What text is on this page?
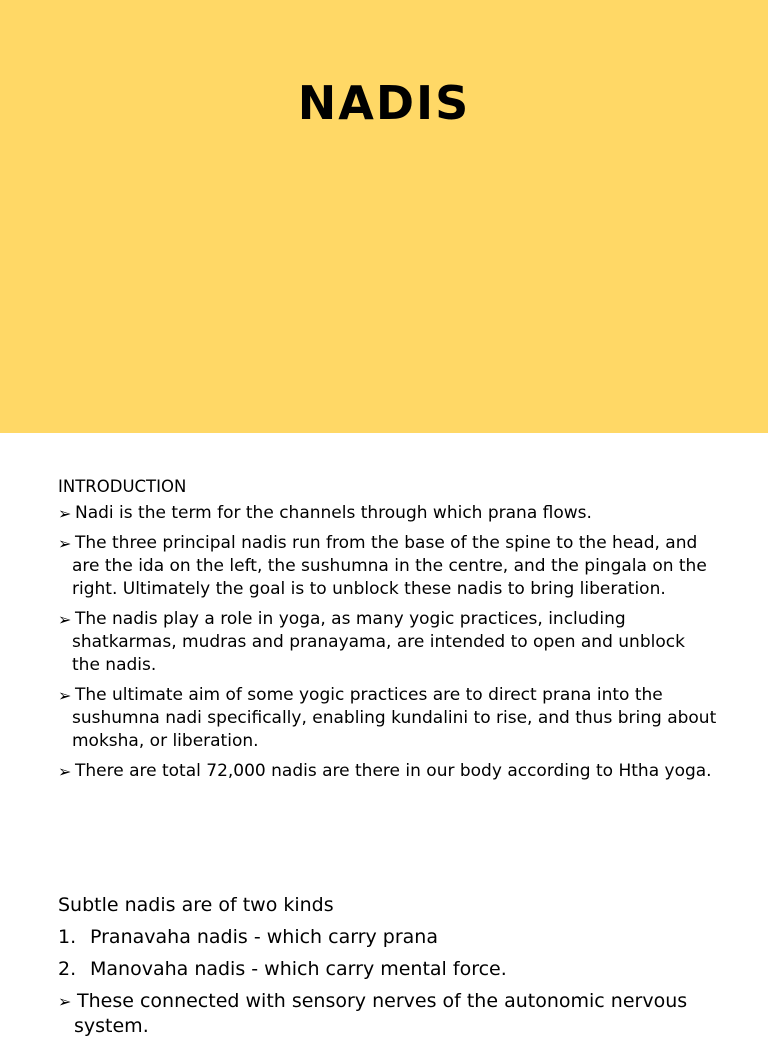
NADIS
INTRODUCTION
➢ Nadi is the term for the channels through which prana flows.
➢ The three principal nadis run from the base of the spine to the head, and are the ida on the left, the sushumna in the centre, and the pingala on the right. Ultimately the goal is to unblock these nadis to bring liberation.
➢ The nadis play a role in yoga, as many yogic practices, including shatkarmas, mudras and pranayama, are intended to open and unblock the nadis.
➢ The ultimate aim of some yogic practices are to direct prana into the sushumna nadi specifically, enabling kundalini to rise, and thus bring about moksha, or liberation.
➢ There are total 72,000 nadis are there in our body according to Htha yoga.
Subtle nadis are of two kinds
1. Pranavaha nadis - which carry prana
2. Manovaha nadis - which carry mental force.
➢ These connected with sensory nerves of the autonomic nervous system.
